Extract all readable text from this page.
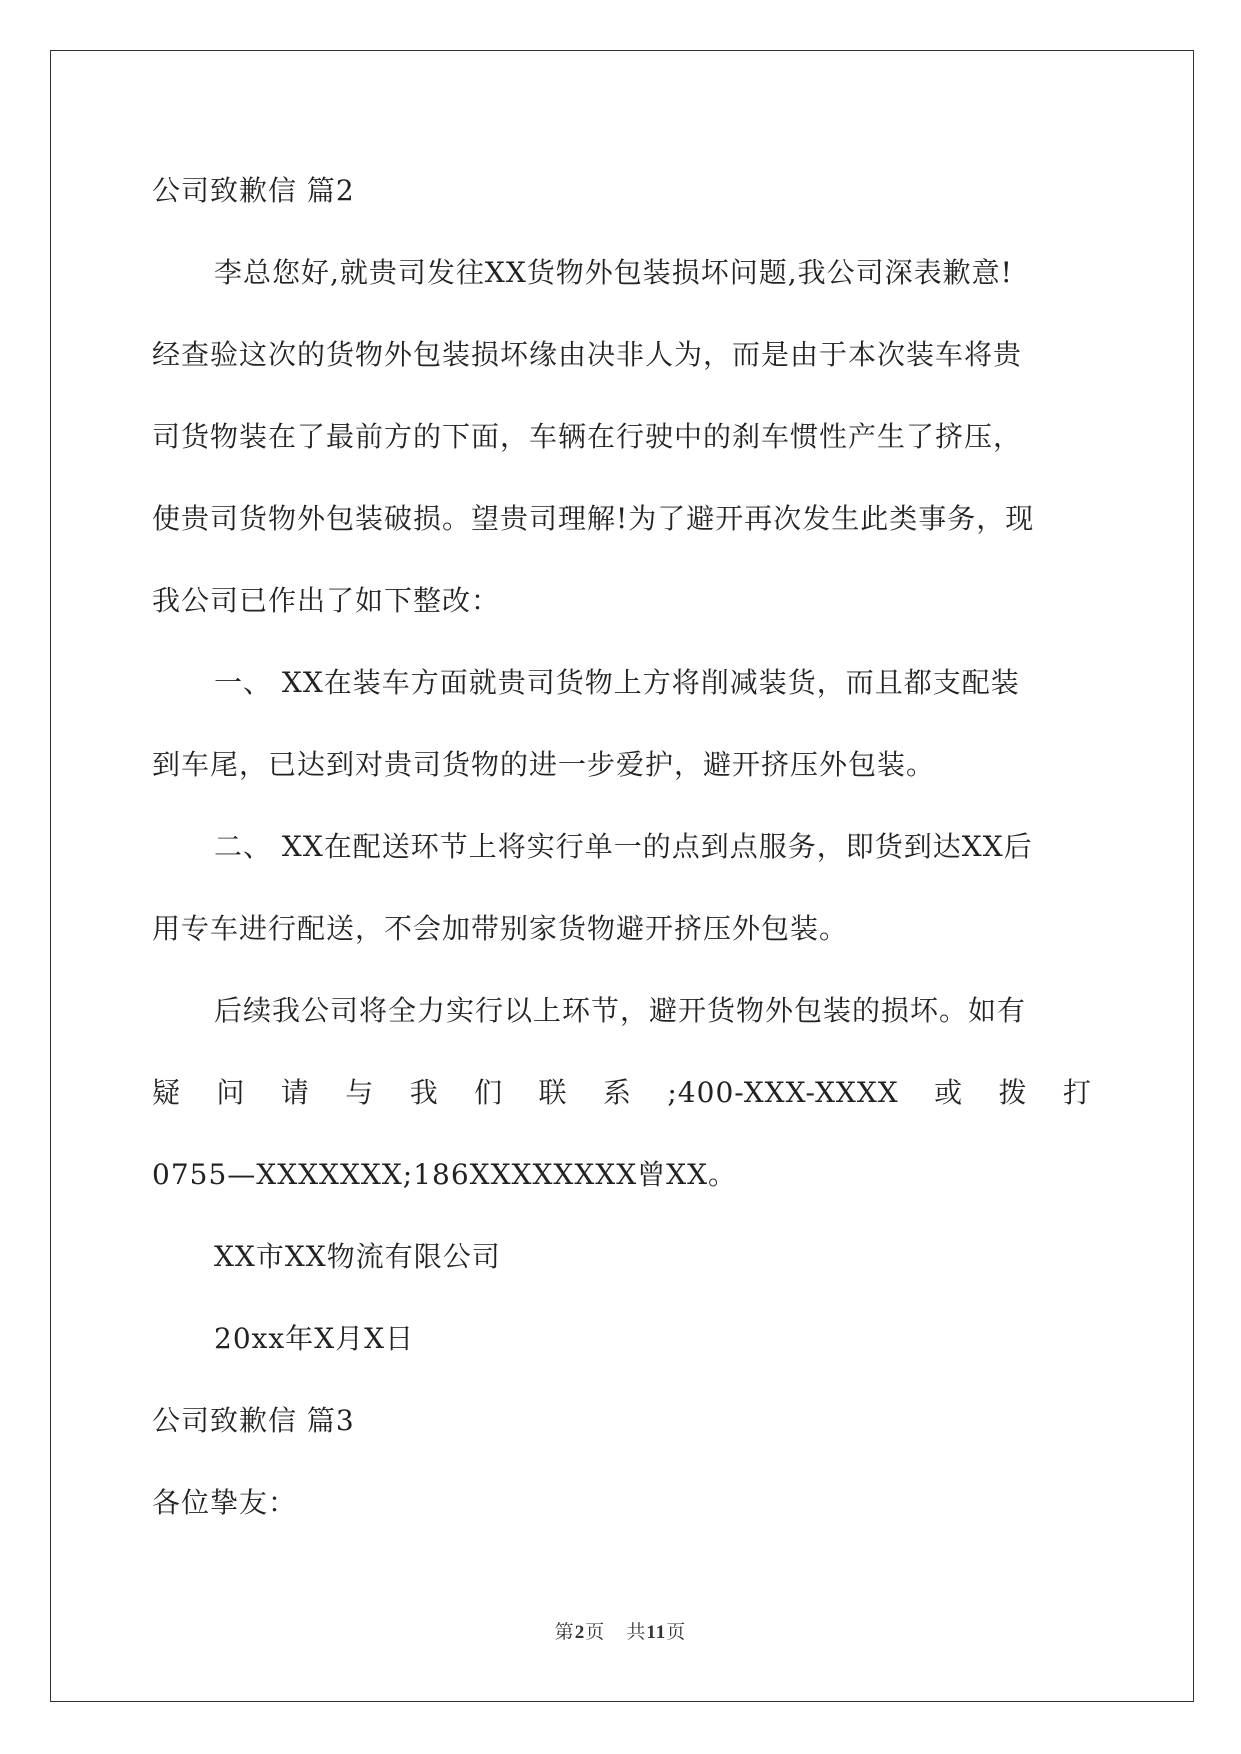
公司致歉信 篇2
李总您好,就贵司发往XX货物外包装损坏问题,我公司深表歉意!
经查验这次的货物外包装损坏缘由决非人为，而是由于本次装车将贵
司货物装在了最前方的下面，车辆在行驶中的刹车惯性产生了挤压，
使贵司货物外包装破损。望贵司理解!为了避开再次发生此类事务，现
我公司已作出了如下整改：
一、 XX在装车方面就贵司货物上方将削减装货，而且都支配装
到车尾，已达到对贵司货物的进一步爱护，避开挤压外包装。
二、 XX在配送环节上将实行单一的点到点服务，即货到达XX后
用专车进行配送，不会加带别家货物避开挤压外包装。
后续我公司将全力实行以上环节，避开货物外包装的损坏。如有
疑 问 请 与 我 们 联 系 ;400-XXX-XXXX 或 拨 打
0755—XXXXXXX;186XXXXXXXX曾XX。
XX市XX物流有限公司
20xx年X月X日
公司致歉信 篇3
各位挚友：
第2页 共11页
